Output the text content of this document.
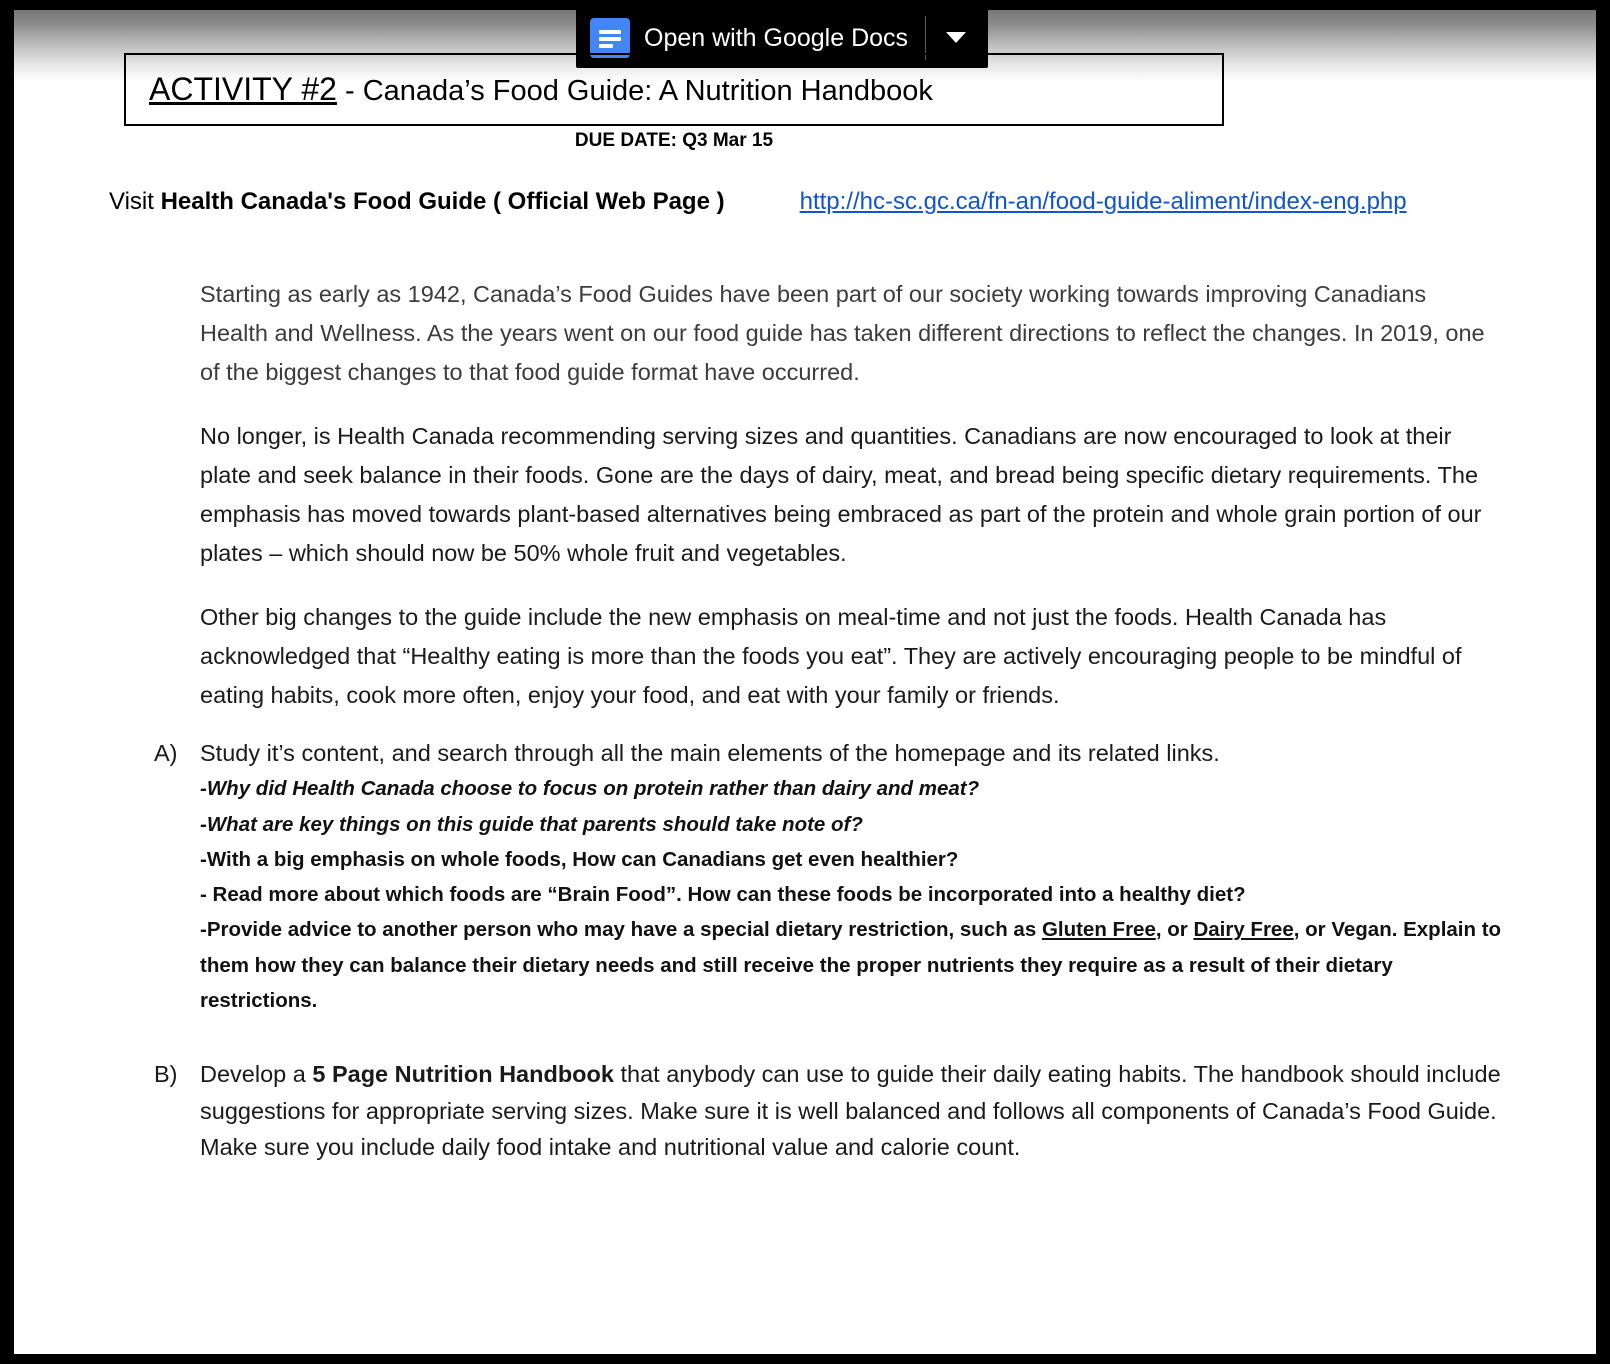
Open with Google Docs
ACTIVITY #2 - Canada’s Food Guide: A Nutrition Handbook
DUE DATE: Q3 Mar 15
Visit Health Canada's Food Guide ( Official Web Page )	http://hc-sc.gc.ca/fn-an/food-guide-aliment/index-eng.php

Starting as early as 1942, Canada’s Food Guides have been part of our society working towards improving Canadians Health and Wellness. As the years went on our food guide has taken different directions to reflect the changes. In 2019, one of the biggest changes to that food guide format have occurred.

No longer, is Health Canada recommending serving sizes and quantities. Canadians are now encouraged to look at their plate and seek balance in their foods. Gone are the days of dairy, meat, and bread being specific dietary requirements. The emphasis has moved towards plant-based alternatives being embraced as part of the protein and whole grain portion of our plates – which should now be 50% whole fruit and vegetables.

Other big changes to the guide include the new emphasis on meal-time and not just the foods. Health Canada has acknowledged that “Healthy eating is more than the foods you eat”. They are actively encouraging people to be mindful of eating habits, cook more often, enjoy your food, and eat with your family or friends.

A) Study it’s content, and search through all the main elements of the homepage and its related links.

-Why did Health Canada choose to focus on protein rather than dairy and meat?

-What are key things on this guide that parents should take note of?

-With a big emphasis on whole foods, How can Canadians get even healthier?

- Read more about which foods are “Brain Food”. How can these foods be incorporated into a healthy diet?

-Provide advice to another person who may have a special dietary restriction, such as Gluten Free, or Dairy Free, or Vegan. Explain to them how they can balance their dietary needs and still receive the proper nutrients they require as a result of their dietary restrictions.

B) Develop a 5 Page Nutrition Handbook that anybody can use to guide their daily eating habits. The handbook should include suggestions for appropriate serving sizes. Make sure it is well balanced and follows all components of Canada’s Food Guide. Make sure you include daily food intake and nutritional value and calorie count.
